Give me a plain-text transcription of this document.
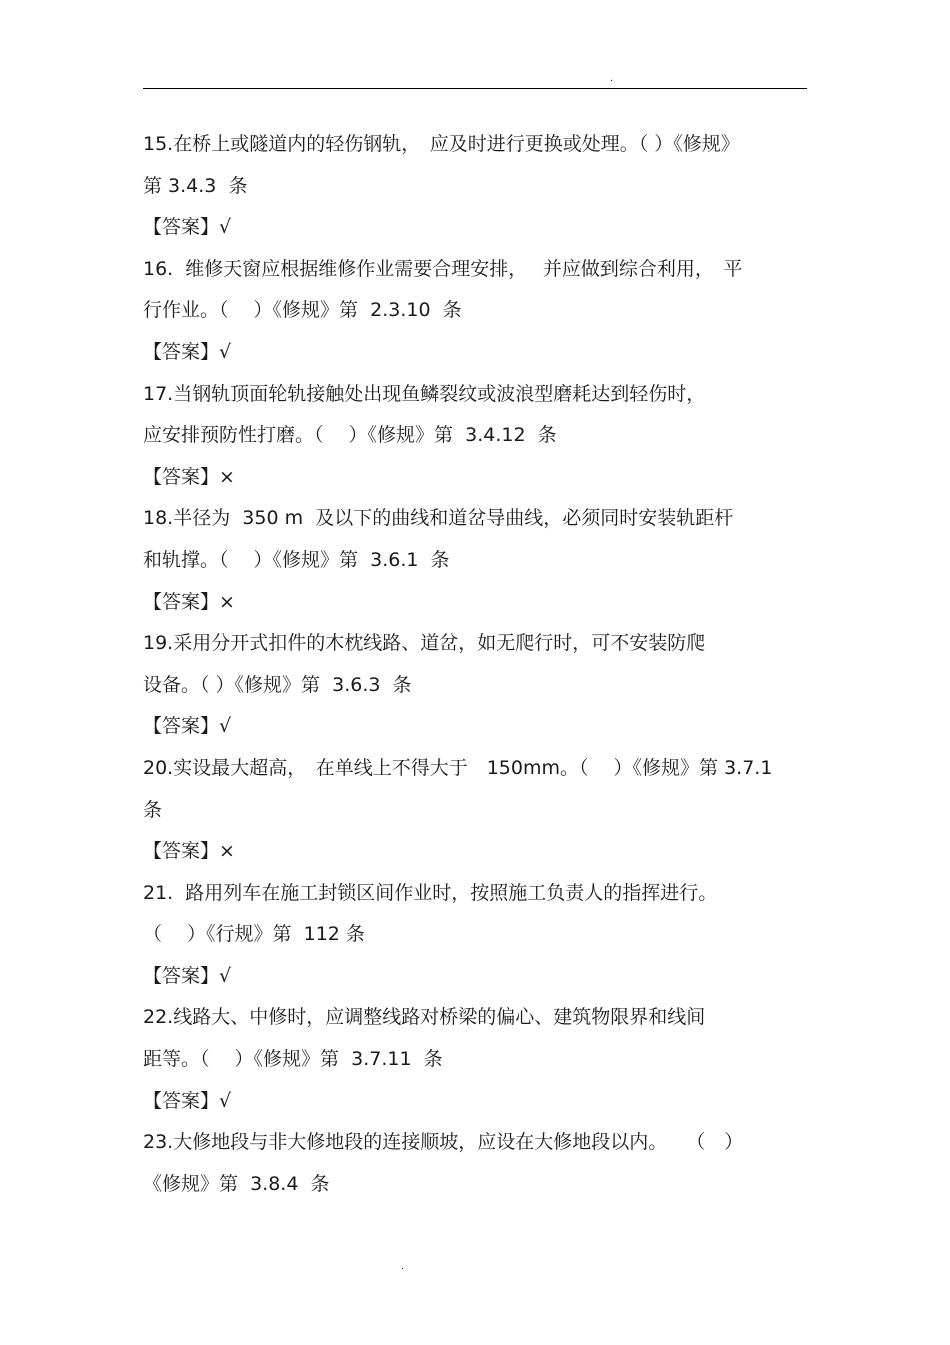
.
15.在桥上或隧道内的轻伤钢轨，　应及时进行更换或处理。（ ）《修规》
第 3.4.3  条
【答案】√
16.  维修天窗应根据维修作业需要合理安排，　 并应做到综合利用，　平
行作业。（　 ）《修规》第  2.3.10  条
【答案】√
17.当钢轨顶面轮轨接触处出现鱼鳞裂纹或波浪型磨耗达到轻伤时，
应安排预防性打磨。（　 ）《修规》第  3.4.12  条
【答案】×
18.半径为  350 m  及以下的曲线和道岔导曲线，必须同时安装轨距杆
和轨撑。（　 ）《修规》第  3.6.1  条
【答案】×
19.采用分开式扣件的木枕线路、道岔，如无爬行时，可不安装防爬
设备。（ ）《修规》第  3.6.3  条
【答案】√
20.实设最大超高，　在单线上不得大于　150mm。（　 ）《修规》第 3.7.1
条
【答案】×
21.  路用列车在施工封锁区间作业时，按照施工负责人的指挥进行。
（　 ）《行规》第  112 条
【答案】√
22.线路大、中修时，应调整线路对桥梁的偏心、建筑物限界和线间
距等。（　 ）《修规》第  3.7.11  条
【答案】√
23.大修地段与非大修地段的连接顺坡，应设在大修地段以内。　　（　）
《修规》第  3.8.4  条
.
